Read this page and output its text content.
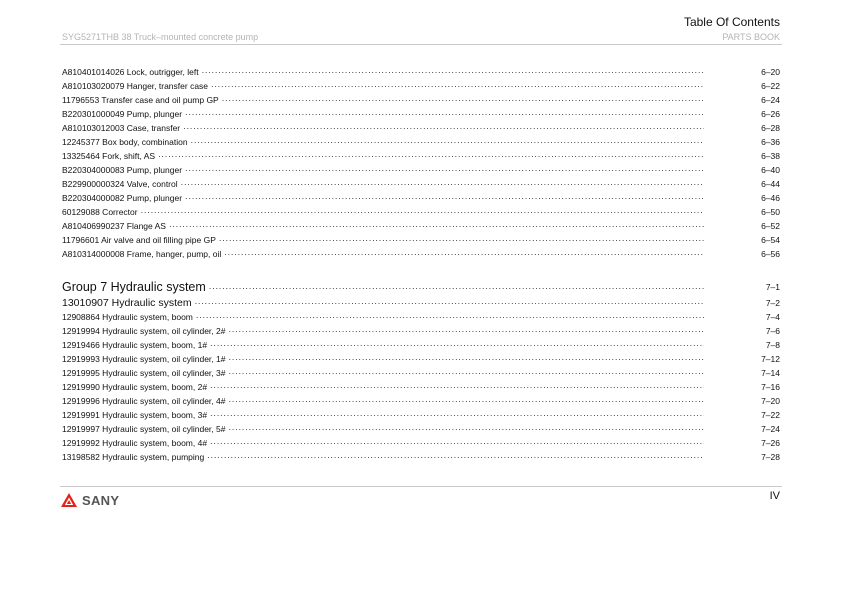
Table Of Contents
SYG5271THB 38 Truck–mounted concrete pump	PARTS BOOK
A810401014026 Lock, outrigger, left ·····	6–20
A810103020079 Hanger, transfer case ·····	6–22
11796553 Transfer case and oil pump GP ·····	6–24
B220301000049 Pump, plunger ·····	6–26
A810103012003 Case, transfer ·····	6–28
12245377 Box body, combination ·····	6–36
13325464 Fork, shift, AS ·····	6–38
B220304000083 Pump, plunger ·····	6–40
B229900000324 Valve, control ·····	6–44
B220304000082 Pump, plunger ·····	6–46
60129088 Corrector ·····	6–50
A810406990237 Flange AS ·····	6–52
11796601 Air valve and oil filling pipe GP ·····	6–54
A810314000008 Frame, hanger, pump, oil ·····	6–56
Group 7 Hydraulic system ·····	7–1
13010907 Hydraulic system ·····	7–2
12908864 Hydraulic system, boom ·····	7–4
12919994 Hydraulic system, oil cylinder, 2# ·····	7–6
12919466 Hydraulic system, boom, 1# ·····	7–8
12919993 Hydraulic system, oil cylinder, 1# ·····	7–12
12919995 Hydraulic system, oil cylinder, 3# ·····	7–14
12919990 Hydraulic system, boom, 2# ·····	7–16
12919996 Hydraulic system, oil cylinder, 4# ·····	7–20
12919991 Hydraulic system, boom, 3# ·····	7–22
12919997 Hydraulic system, oil cylinder, 5# ·····	7–24
12919992 Hydraulic system, boom, 4# ·····	7–26
13198582 Hydraulic system, pumping ·····	7–28
SANY	IV
